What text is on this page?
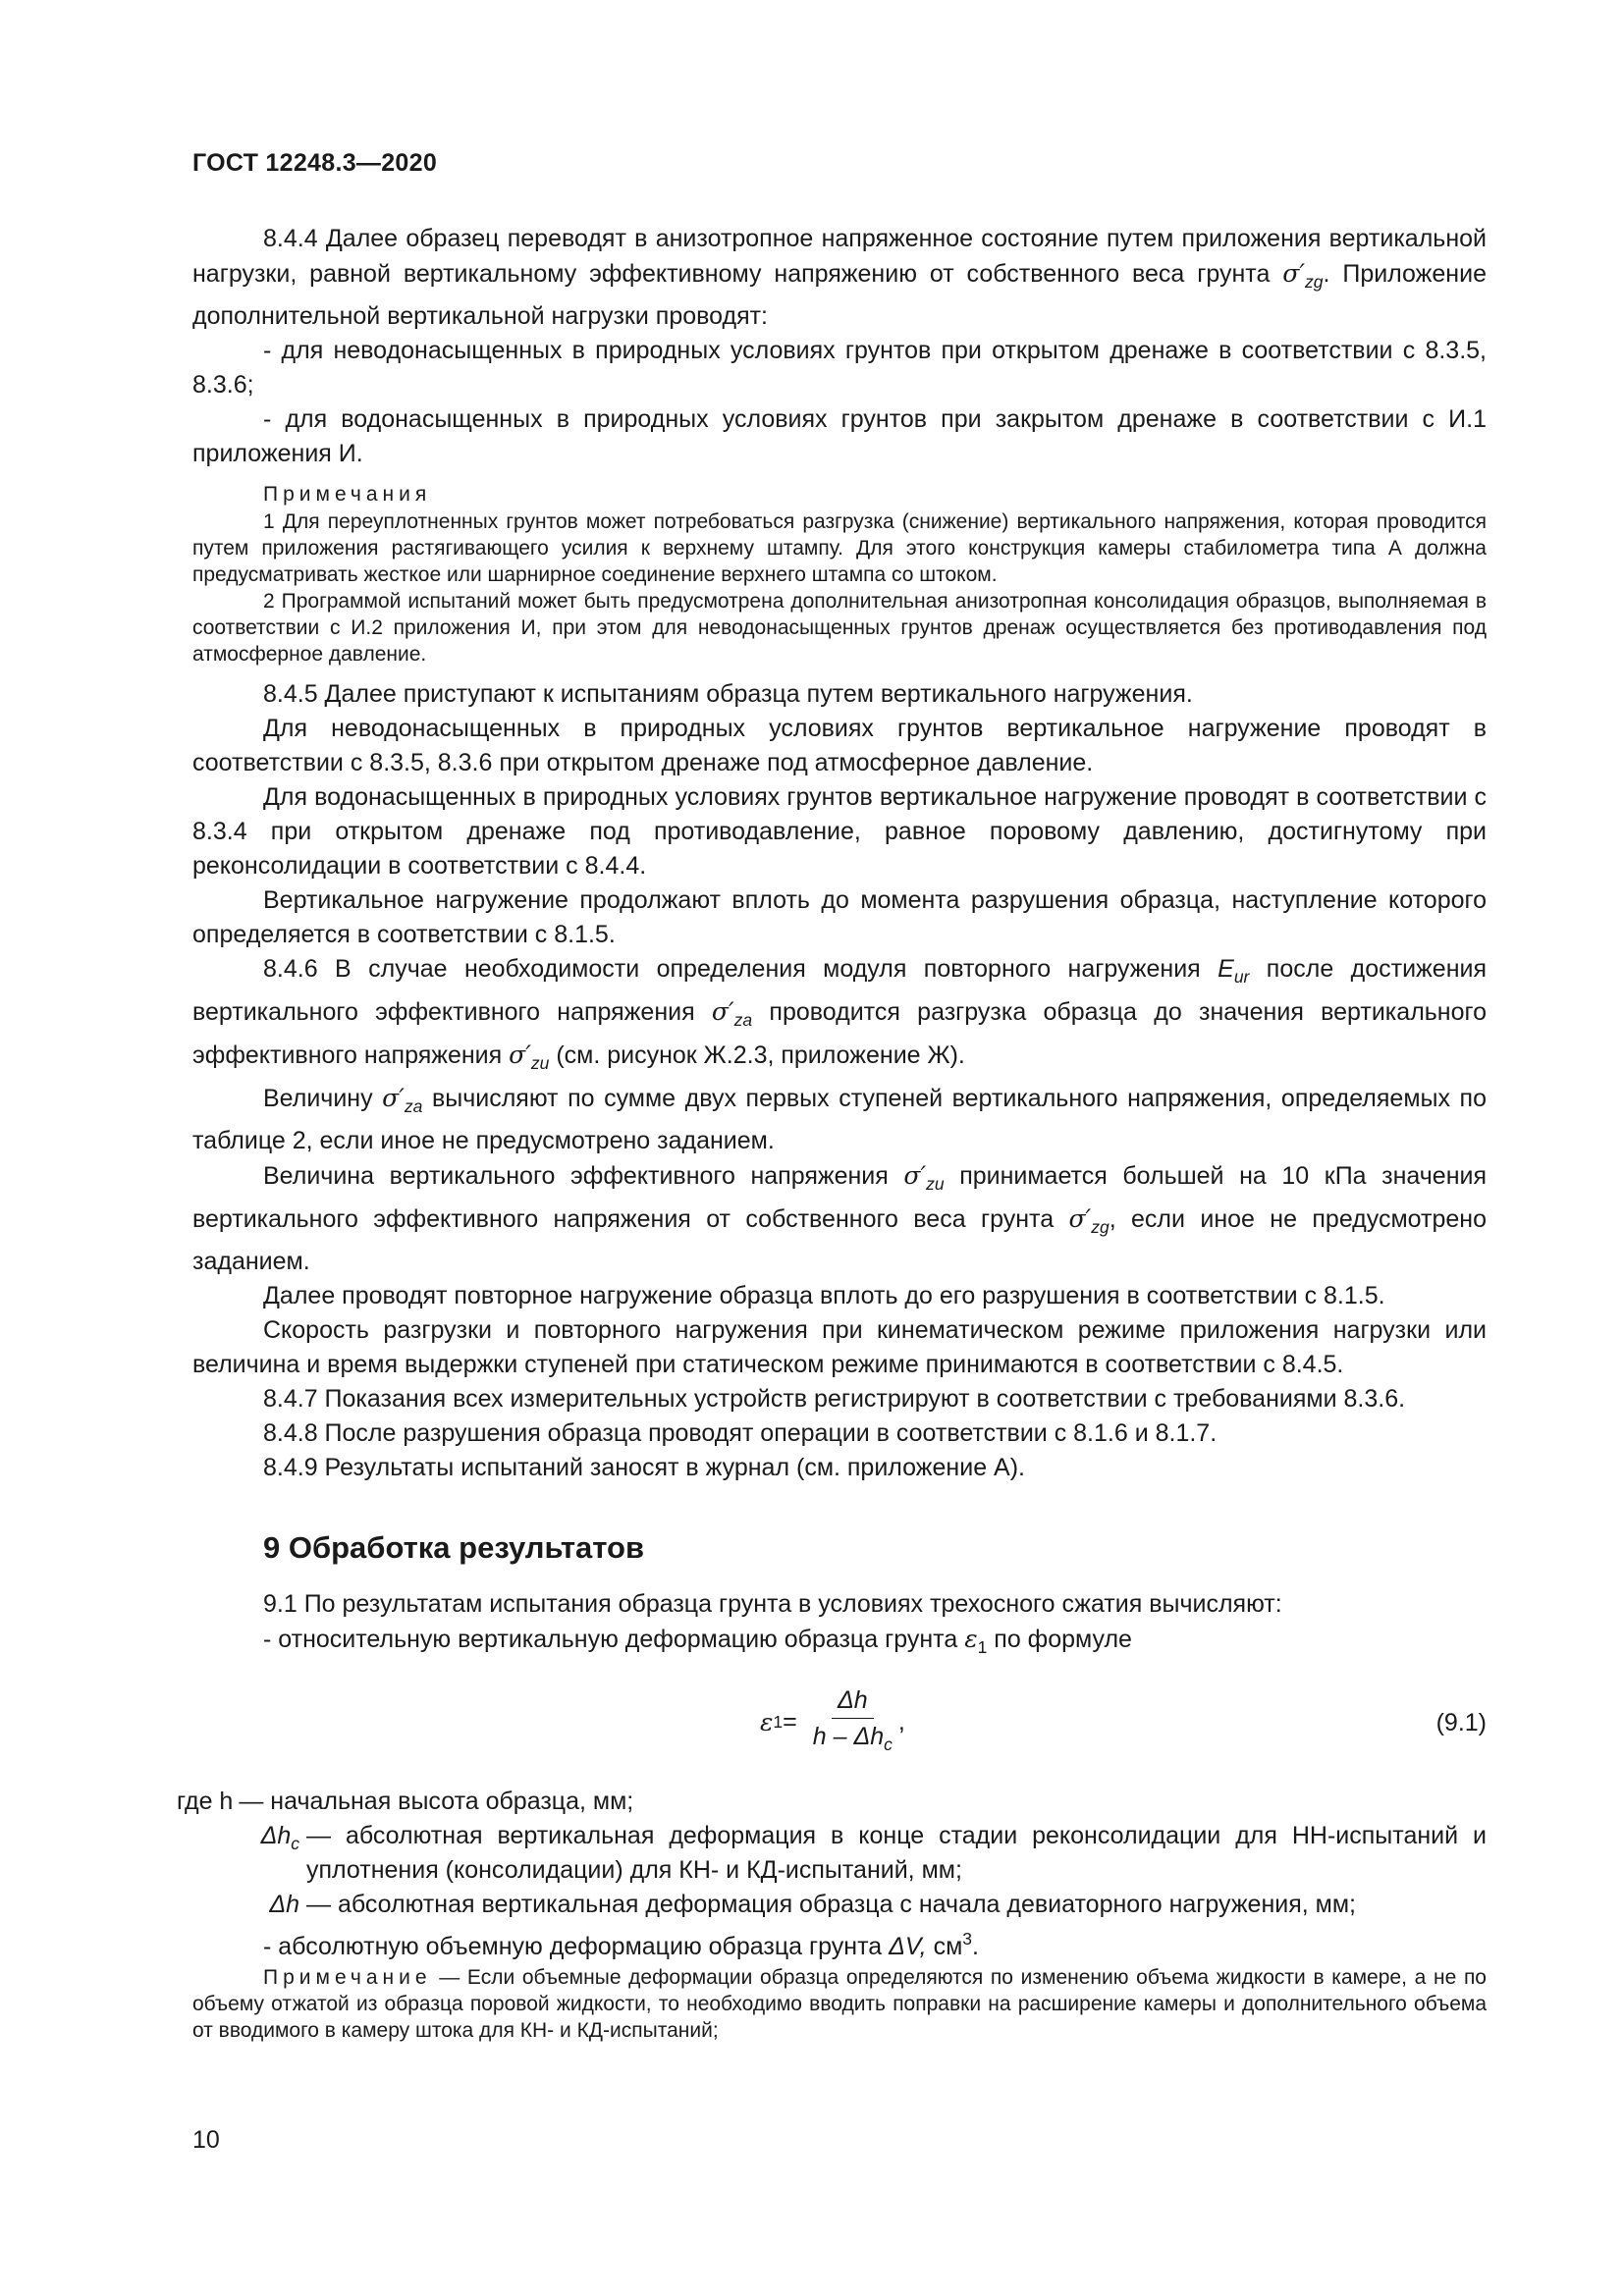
ГОСТ 12248.3—2020

8.4.4 Далее образец переводят в анизотропное напряженное состояние путем приложения вертикальной нагрузки, равной вертикальному эффективному напряжению от собственного веса грунта $\sigma'_{zg}$. Приложение дополнительной вертикальной нагрузки проводят:

- для неводонасыщенных в природных условиях грунтов при открытом дренаже в соответствии с 8.3.5, 8.3.6;

- для водонасыщенных в природных условиях грунтов при закрытом дренаже в соответствии с И.1 приложения И.

Примечания

1 Для переуплотненных грунтов может потребоваться разгрузка (снижение) вертикального напряжения, которая проводится путем приложения растягивающего усилия к верхнему штампу. Для этого конструкция камеры стабилометра типа А должна предусматривать жесткое или шарнирное соединение верхнего штампа со штоком.

2 Программой испытаний может быть предусмотрена дополнительная анизотропная консолидация образцов, выполняемая в соответствии с И.2 приложения И, при этом для неводонасыщенных грунтов дренаж осуществляется без противодавления под атмосферное давление.

8.4.5 Далее приступают к испытаниям образца путем вертикального нагружения.

Для неводонасыщенных в природных условиях грунтов вертикальное нагружение проводят в соответствии с 8.3.5, 8.3.6 при открытом дренаже под атмосферное давление.

Для водонасыщенных в природных условиях грунтов вертикальное нагружение проводят в соответствии с 8.3.4 при открытом дренаже под противодавление, равное поровому давлению, достигнутому при реконсолидации в соответствии с 8.4.4.

Вертикальное нагружение продолжают вплоть до момента разрушения образца, наступление которого определяется в соответствии с 8.1.5.

8.4.6 В случае необходимости определения модуля повторного нагружения $E_{ur}$ после достижения вертикального эффективного напряжения $\sigma'_{za}$ проводится разгрузка образца до значения вертикального эффективного напряжения $\sigma'_{zu}$ (см. рисунок Ж.2.3, приложение Ж).

Величину $\sigma'_{za}$ вычисляют по сумме двух первых ступеней вертикального напряжения, определяемых по таблице 2, если иное не предусмотрено заданием.

Величина вертикального эффективного напряжения $\sigma'_{zu}$ принимается большей на 10 кПа значения вертикального эффективного напряжения от собственного веса грунта $\sigma'_{zg}$, если иное не предусмотрено заданием.

Далее проводят повторное нагружение образца вплоть до его разрушения в соответствии с 8.1.5.

Скорость разгрузки и повторного нагружения при кинематическом режиме приложения нагрузки или величина и время выдержки ступеней при статическом режиме принимаются в соответствии с 8.4.5.

8.4.7 Показания всех измерительных устройств регистрируют в соответствии с требованиями 8.3.6.

8.4.8 После разрушения образца проводят операции в соответствии с 8.1.6 и 8.1.7.

8.4.9 Результаты испытаний заносят в журнал (см. приложение А).

9 Обработка результатов

9.1 По результатам испытания образца грунта в условиях трехосного сжатия вычисляют:

- относительную вертикальную деформацию образца грунта $\varepsilon_1$ по формуле

ε $1 = \frac{\Delta h}{h - \Delta h_c}$ ,	(9.1)
где h — начальная высота образца, мм;
$\Delta h_c$ — абсолютная вертикальная деформация в конце стадии реконсолидации для НН-испытаний и уплотнения (консолидации) для КН- и КД-испытаний, мм;
Δh — абсолютная вертикальная деформация образца с начала девиаторного нагружения, мм;

- абсолютную объемную деформацию образца грунта ΔV, $см^3$.

Примечание — Если объемные деформации образца определяются по изменению объема жидкости в камере, а не по объему отжатой из образца поровой жидкости, то необходимо вводить поправки на расширение камеры и дополнительного объема от вводимого в камеру штока для КН- и КД-испытаний;

10
